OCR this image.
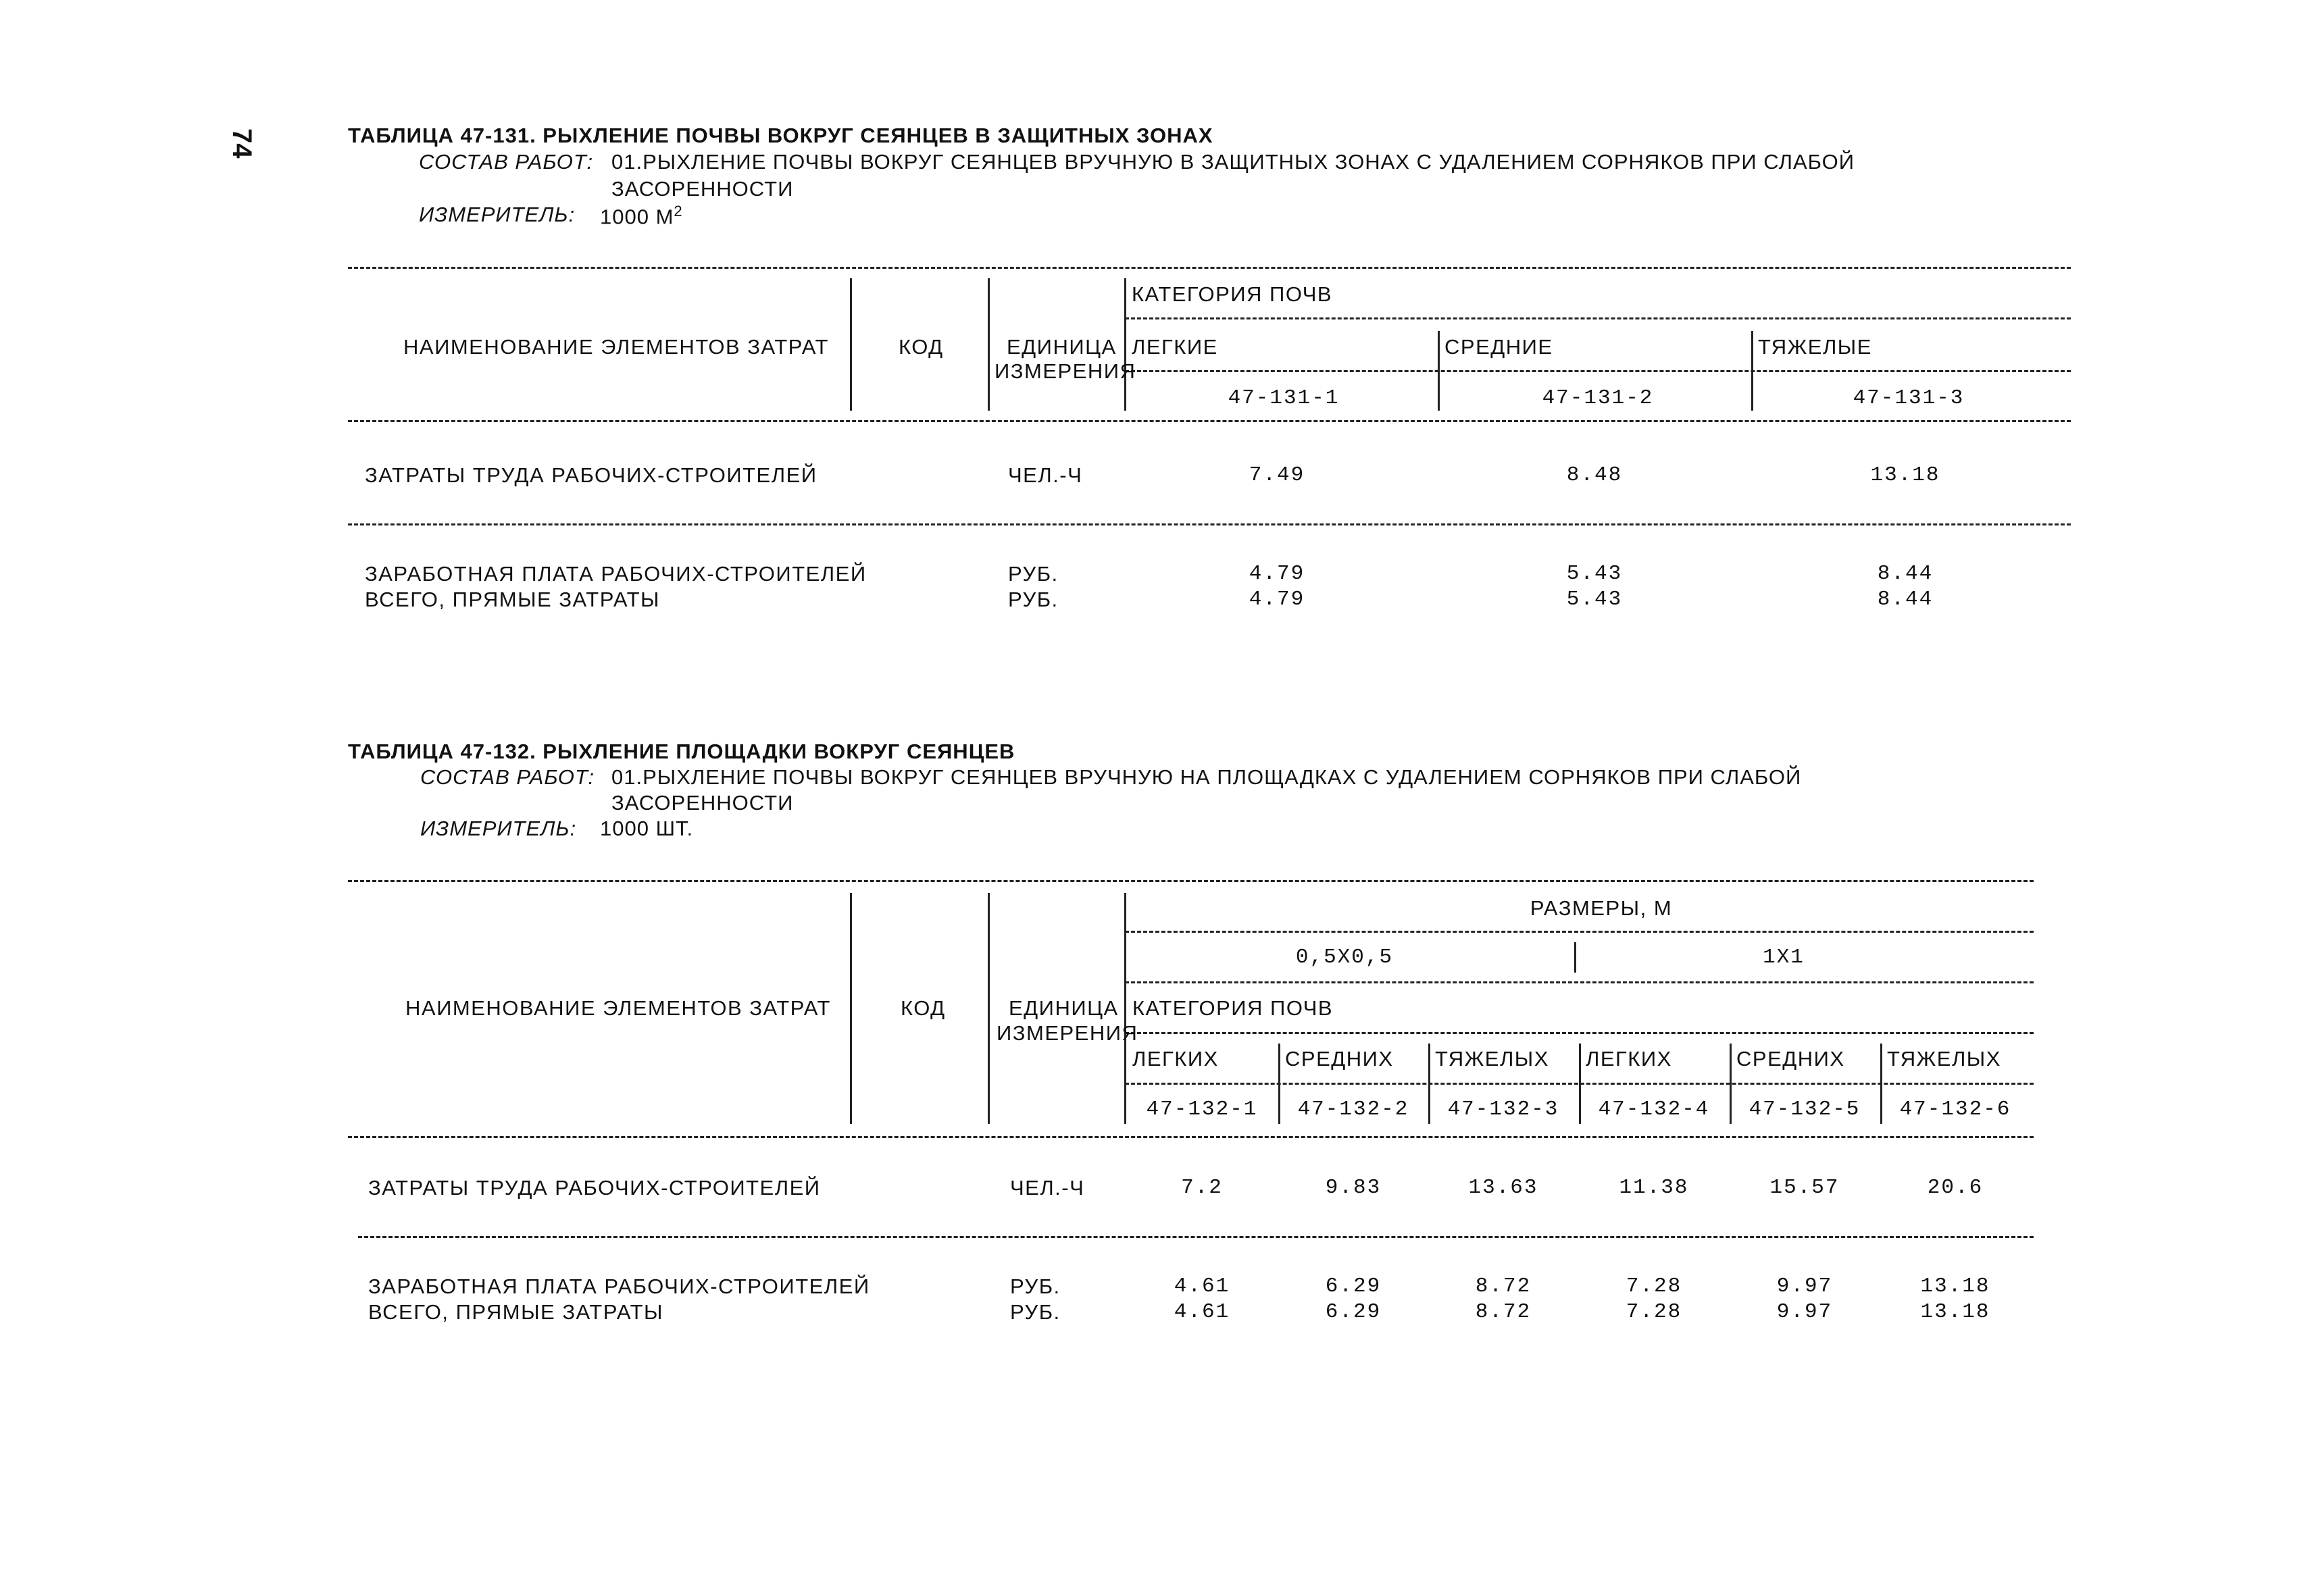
74	ТАБЛИЦА 47-131. РЫХЛЕНИЕ ПОЧВЫ ВОКРУГ СЕЯНЦЕВ В ЗАЩИТНЫХ ЗОНАХ
СОСТАВ РАБОТ: 01.РЫХЛЕНИЕ ПОЧВЫ ВОКРУГ СЕЯНЦЕВ ВРУЧНУЮ В ЗАЩИТНЫХ ЗОНАХ С УДАЛЕНИЕМ СОРНЯКОВ ПРИ СЛАБОЙ
ЗАСОРЕННОСТИ
ИЗМЕРИТЕЛЬ: 1000 $М^2$
НАИМЕНОВАНИЕ ЭЛЕМЕНТОВ ЗАТРАТ	КОД	ЕДИНИЦА
ИЗМЕРЕНИЯ
КАТЕГОРИЯ ПОЧВ
ЛЕГКИЕ	СРЕДНИЕ	ТЯЖЕЛЫЕ
47-131-1	47-131-2	47-131-3
ЗАТРАТЫ ТРУДА РАБОЧИХ-СТРОИТЕЛЕЙ	ЧЕЛ.-Ч	7.49	8.48	13.18
ЗАРАБОТНАЯ ПЛАТА РАБОЧИХ-СТРОИТЕЛЕЙ	РУБ.	4.79	5.43	8.44
ВСЕГО, ПРЯМЫЕ ЗАТРАТЫ	РУБ.	4.79	5.43	8.44
ТАБЛИЦА 47-132. РЫХЛЕНИЕ ПЛОЩАДКИ ВОКРУГ СЕЯНЦЕВ
СОСТАВ РАБОТ: 01.РЫХЛЕНИЕ ПОЧВЫ ВОКРУГ СЕЯНЦЕВ ВРУЧНУЮ НА ПЛОЩАДКАХ С УДАЛЕНИЕМ СОРНЯКОВ ПРИ СЛАБОЙ
ЗАСОРЕННОСТИ
ИЗМЕРИТЕЛЬ: 1000 ШТ.
НАИМЕНОВАНИЕ ЭЛЕМЕНТОВ ЗАТРАТ	КОД	ЕДИНИЦА
ИЗМЕРЕНИЯ
РАЗМЕРЫ, М
0,5Х0,5	1Х1
КАТЕГОРИЯ ПОЧВ
ЛЕГКИХ	СРЕДНИХ ТЯЖЕЛЫХ ЛЕГКИХ	СРЕДНИХ ТЯЖЕЛЫХ
47-132-1	47-132-2	47-132-3	47-132-4	47-132-5	47-132-6
ЗАТРАТЫ ТРУДА РАБОЧИХ-СТРОИТЕЛЕЙ	ЧЕЛ.-Ч	7.2	9.83	13.63	11.38	15.57	20.6
ЗАРАБОТНАЯ ПЛАТА РАБОЧИХ-СТРОИТЕЛЕЙ	РУБ.	4.61	6.29	8.72	7.28	9.97	13.18
ВСЕГО, ПРЯМЫЕ ЗАТРАТЫ	РУБ.	4.61	6.29	8.72	7.28	9.97	13.18
